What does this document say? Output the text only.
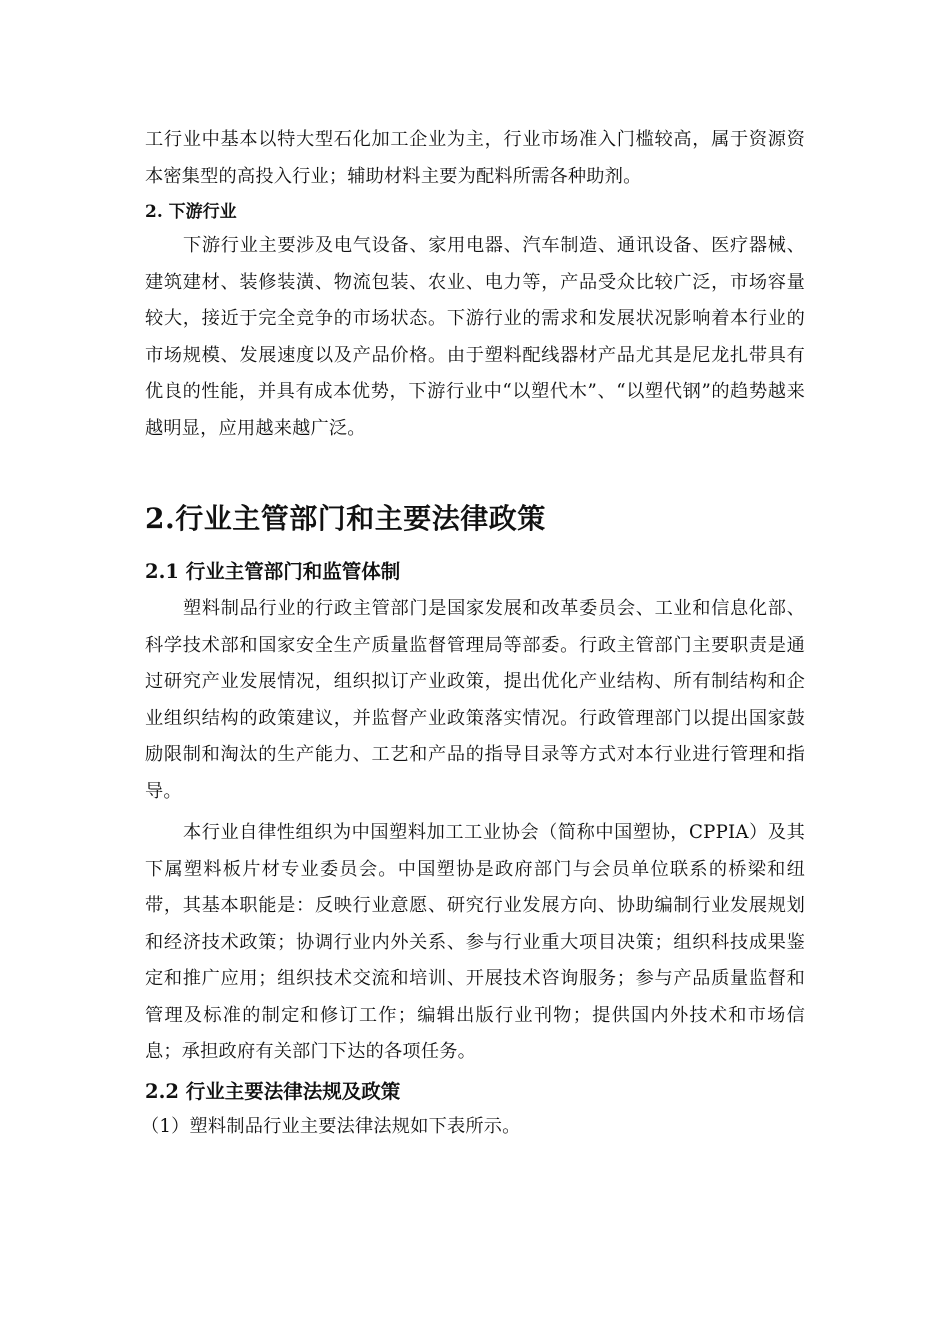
工行业中基本以特大型石化加工企业为主，行业市场准入门槛较高，属于资源资本密集型的高投入行业；辅助材料主要为配料所需各种助剂。

2. 下游行业

下游行业主要涉及电气设备、家用电器、汽车制造、通讯设备、医疗器械、建筑建材、装修装潢、物流包装、农业、电力等，产品受众比较广泛，市场容量较大，接近于完全竞争的市场状态。下游行业的需求和发展状况影响着本行业的市场规模、发展速度以及产品价格。由于塑料配线器材产品尤其是尼龙扎带具有优良的性能，并具有成本优势，下游行业中“以塑代木”、“以塑代钢”的趋势越来越明显，应用越来越广泛。

2.行业主管部门和主要法律政策
2.1 行业主管部门和监管体制

塑料制品行业的行政主管部门是国家发展和改革委员会、工业和信息化部、科学技术部和国家安全生产质量监督管理局等部委。行政主管部门主要职责是通过研究产业发展情况，组织拟订产业政策，提出优化产业结构、所有制结构和企业组织结构的政策建议，并监督产业政策落实情况。行政管理部门以提出国家鼓励限制和淘汰的生产能力、工艺和产品的指导目录等方式对本行业进行管理和指导。

本行业自律性组织为中国塑料加工工业协会（简称中国塑协，CPPIA）及其下属塑料板片材专业委员会。中国塑协是政府部门与会员单位联系的桥梁和纽带，其基本职能是：反映行业意愿、研究行业发展方向、协助编制行业发展规划和经济技术政策；协调行业内外关系、参与行业重大项目决策；组织科技成果鉴定和推广应用；组织技术交流和培训、开展技术咨询服务；参与产品质量监督和管理及标准的制定和修订工作；编辑出版行业刊物；提供国内外技术和市场信息；承担政府有关部门下达的各项任务。

2.2 行业主要法律法规及政策

（1）塑料制品行业主要法律法规如下表所示。
